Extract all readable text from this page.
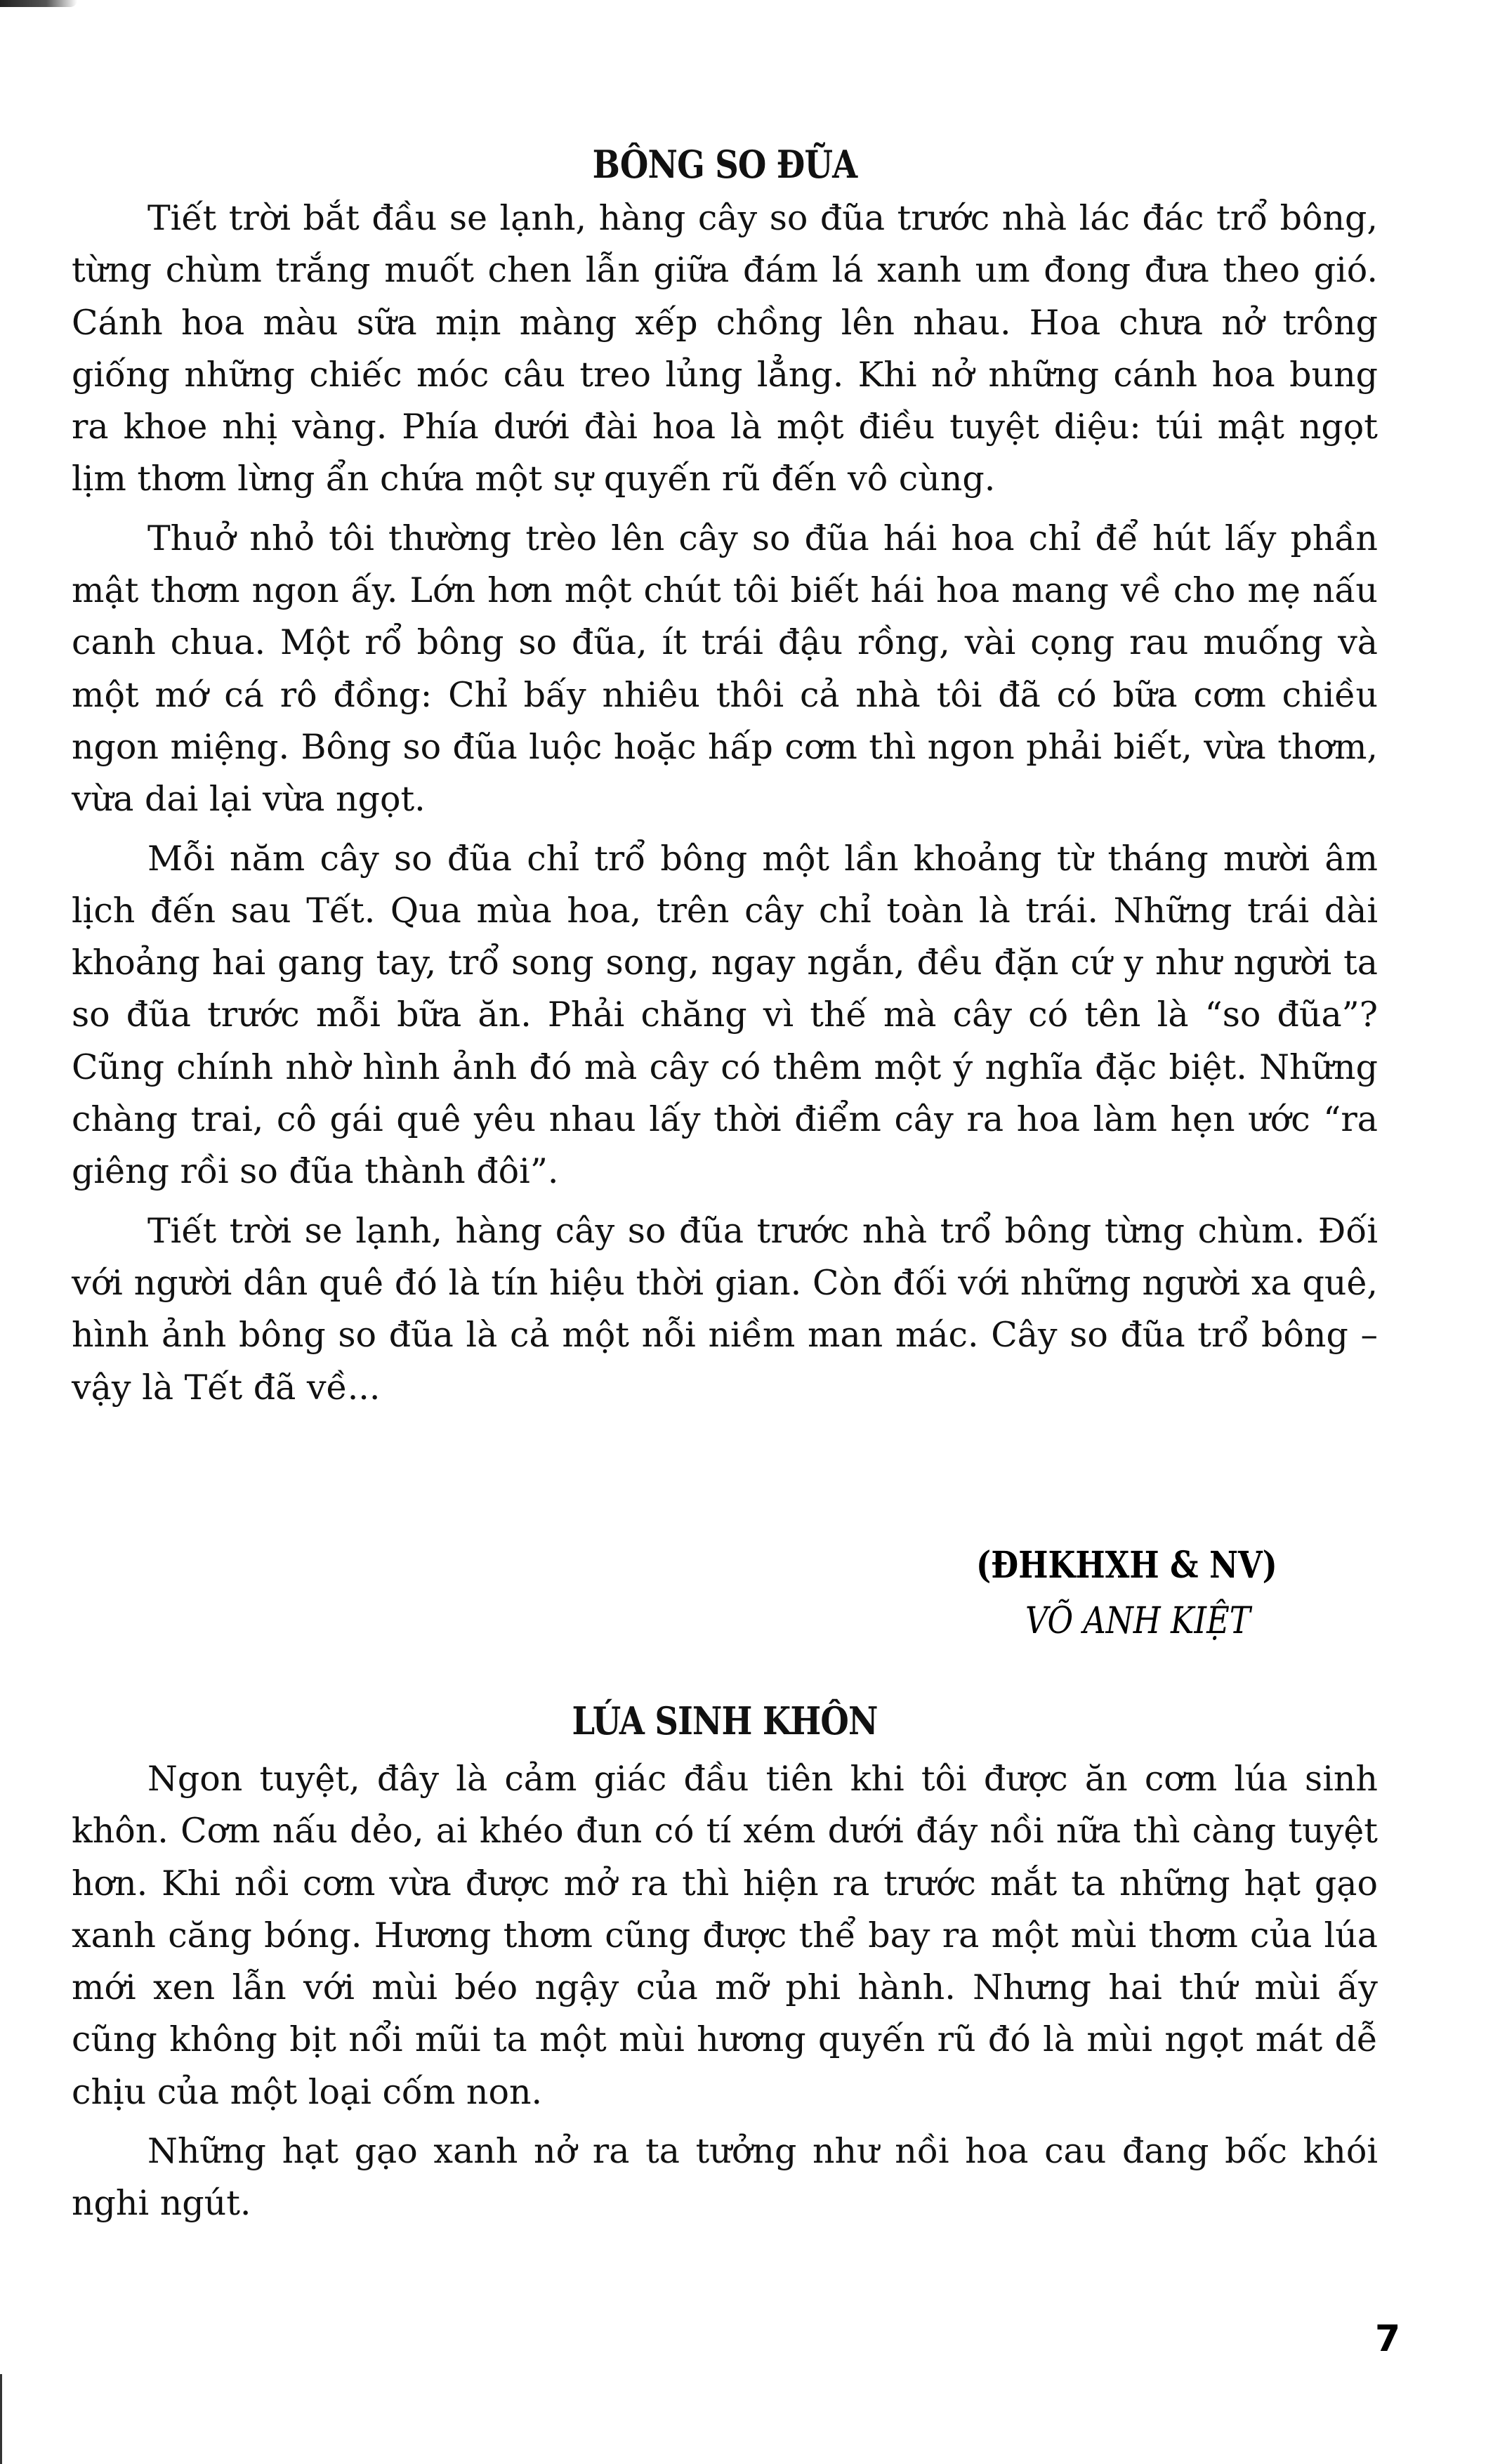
BÔNG SO ĐŨA

Tiết trời bắt đầu se lạnh, hàng cây so đũa trước nhà lác đác trổ bông, từng chùm trắng muốt chen lẫn giữa đám lá xanh um đong đưa theo gió. Cánh hoa màu sữa mịn màng xếp chồng lên nhau. Hoa chưa nở trông giống những chiếc móc câu treo lủng lẳng. Khi nở những cánh hoa bung ra khoe nhị vàng. Phía dưới đài hoa là một điều tuyệt diệu: túi mật ngọt lịm thơm lừng ẩn chứa một sự quyến rũ đến vô cùng.

Thuở nhỏ tôi thường trèo lên cây so đũa hái hoa chỉ để hút lấy phần mật thơm ngon ấy. Lớn hơn một chút tôi biết hái hoa mang về cho mẹ nấu canh chua. Một rổ bông so đũa, ít trái đậu rồng, vài cọng rau muống và một mớ cá rô đồng: Chỉ bấy nhiêu thôi cả nhà tôi đã có bữa cơm chiều ngon miệng. Bông so đũa luộc hoặc hấp cơm thì ngon phải biết, vừa thơm, vừa dai lại vừa ngọt.

Mỗi năm cây so đũa chỉ trổ bông một lần khoảng từ tháng mười âm lịch đến sau Tết. Qua mùa hoa, trên cây chỉ toàn là trái. Những trái dài khoảng hai gang tay, trổ song song, ngay ngắn, đều đặn cứ y như người ta so đũa trước mỗi bữa ăn. Phải chăng vì thế mà cây có tên là “so đũa”? Cũng chính nhờ hình ảnh đó mà cây có thêm một ý nghĩa đặc biệt. Những chàng trai, cô gái quê yêu nhau lấy thời điểm cây ra hoa làm hẹn ước “ra giêng rồi so đũa thành đôi”.

Tiết trời se lạnh, hàng cây so đũa trước nhà trổ bông từng chùm. Đối với người dân quê đó là tín hiệu thời gian. Còn đối với những người xa quê, hình ảnh bông so đũa là cả một nỗi niềm man mác. Cây so đũa trổ bông – vậy là Tết đã về...

(ĐHKHXH & NV)
VÕ ANH KIỆT
LÚA SINH KHÔN

Ngon tuyệt, đây là cảm giác đầu tiên khi tôi được ăn cơm lúa sinh khôn. Cơm nấu dẻo, ai khéo đun có tí xém dưới đáy nồi nữa thì càng tuyệt hơn. Khi nồi cơm vừa được mở ra thì hiện ra trước mắt ta những hạt gạo xanh căng bóng. Hương thơm cũng được thể bay ra một mùi thơm của lúa mới xen lẫn với mùi béo ngậy của mỡ phi hành. Nhưng hai thứ mùi ấy cũng không bịt nổi mũi ta một mùi hương quyến rũ đó là mùi ngọt mát dễ chịu của một loại cốm non.

Những hạt gạo xanh nở ra ta tưởng như nồi hoa cau đang bốc khói nghi ngút.

7
